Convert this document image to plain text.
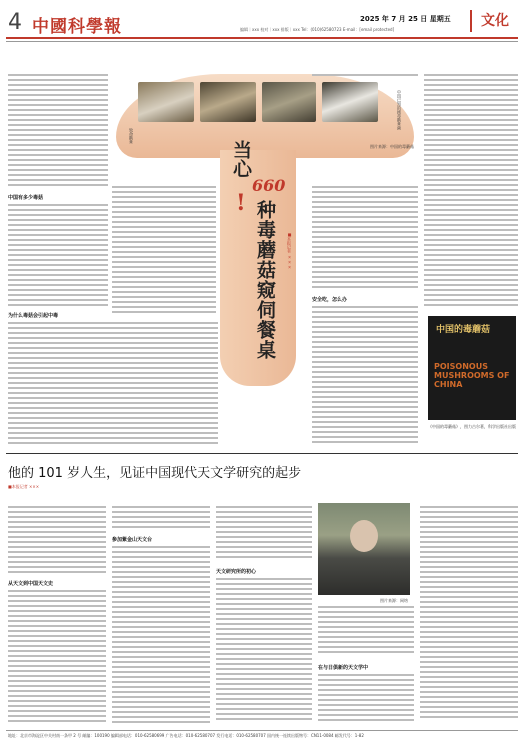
4 中國科學報	2025 年 7 月 25 日 星期五
编辑｜xxx 校对｜xxx 排版｜xxx Tel：(010)62580723 E-mail：[email protected]
文化
中国有多少毒菇
为什么毒菇会引起中毒
图片来源：中国的毒蘑菇
致命鹅膏
中国已知的剧毒鹅膏菌
当心
!
660
种毒蘑菇窥伺餐桌	■本报记者 ×××
安全吃，怎么办
中国的毒蘑菇
POISONOUS MUSHROOMS OF CHINA
《中国的毒蘑菇》，图力古尔著，科学出版社出版
他的 101 岁人生，见证中国现代天文学研究的起步
■本报记者 ×××
从天文到中国天文史
参加紫金山天文台
天文研究所的初心
图片来源：网络
在与日俱新的天文学中
地址：北京市海淀区中关村南一条甲 2 号 邮编：100190 编辑部电话：010-62580699 广告电话：010-62580707 发行电话：010-62580707 国内统一连续出版物号：CN11-0084 邮发代号：1-82
